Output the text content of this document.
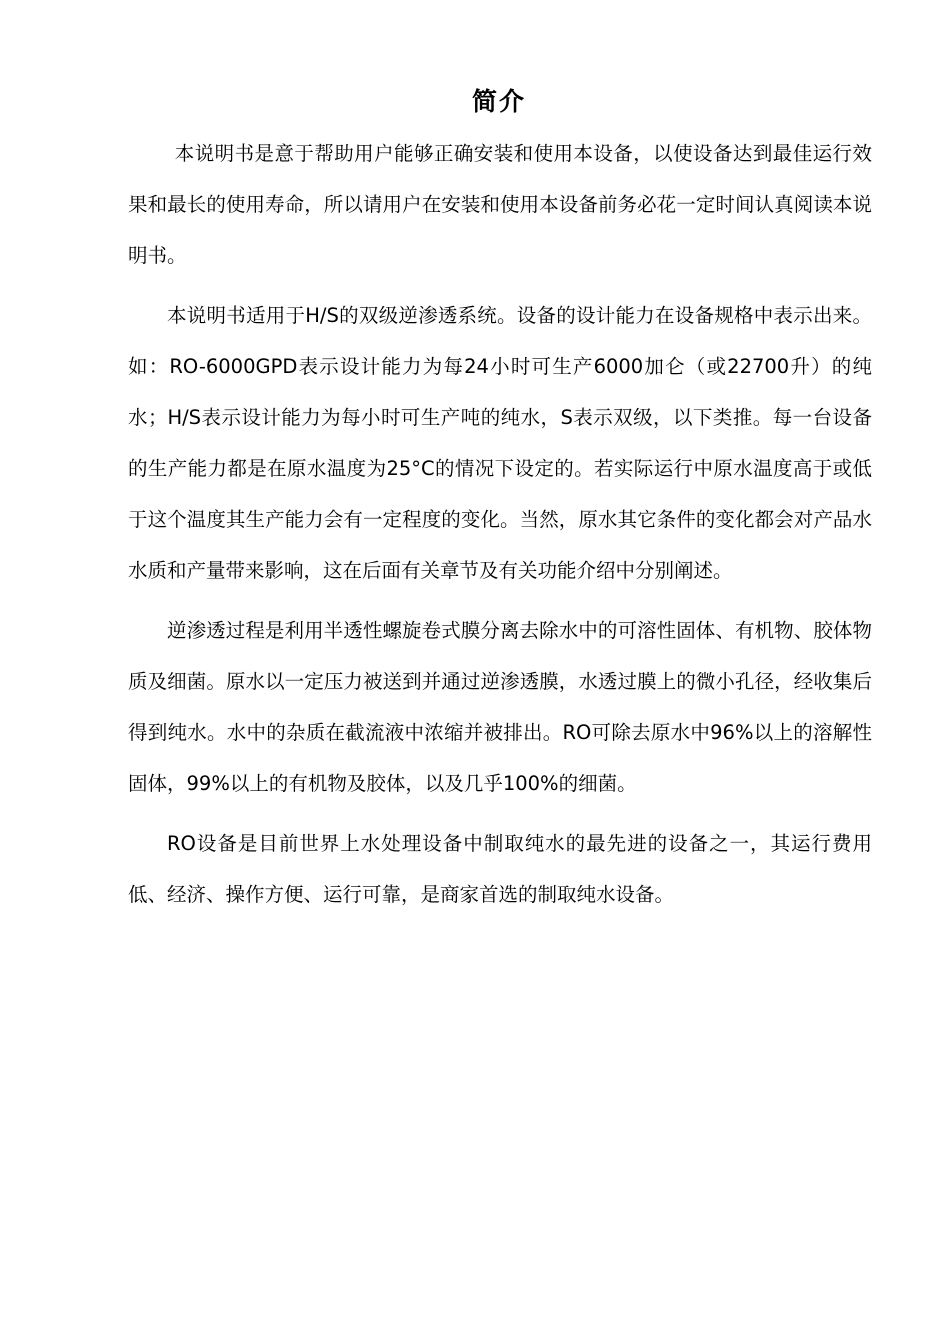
简介

本说明书是意于帮助用户能够正确安装和使用本设备，以使设备达到最佳运行效果和最长的使用寿命，所以请用户在安装和使用本设备前务必花一定时间认真阅读本说明书。

本说明书适用于H/S的双级逆渗透系统。设备的设计能力在设备规格中表示出来。如：RO-6000GPD表示设计能力为每24小时可生产6000加仑（或22700升）的纯水；H/S表示设计能力为每小时可生产吨的纯水，S表示双级，以下类推。每一台设备的生产能力都是在原水温度为25°C的情况下设定的。若实际运行中原水温度高于或低于这个温度其生产能力会有一定程度的变化。当然，原水其它条件的变化都会对产品水水质和产量带来影响，这在后面有关章节及有关功能介绍中分别阐述。

逆渗透过程是利用半透性螺旋卷式膜分离去除水中的可溶性固体、有机物、胶体物质及细菌。原水以一定压力被送到并通过逆渗透膜，水透过膜上的微小孔径，经收集后得到纯水。水中的杂质在截流液中浓缩并被排出。RO可除去原水中96%以上的溶解性固体，99%以上的有机物及胶体，以及几乎100%的细菌。

RO设备是目前世界上水处理设备中制取纯水的最先进的设备之一，其运行费用低、经济、操作方便、运行可靠，是商家首选的制取纯水设备。
